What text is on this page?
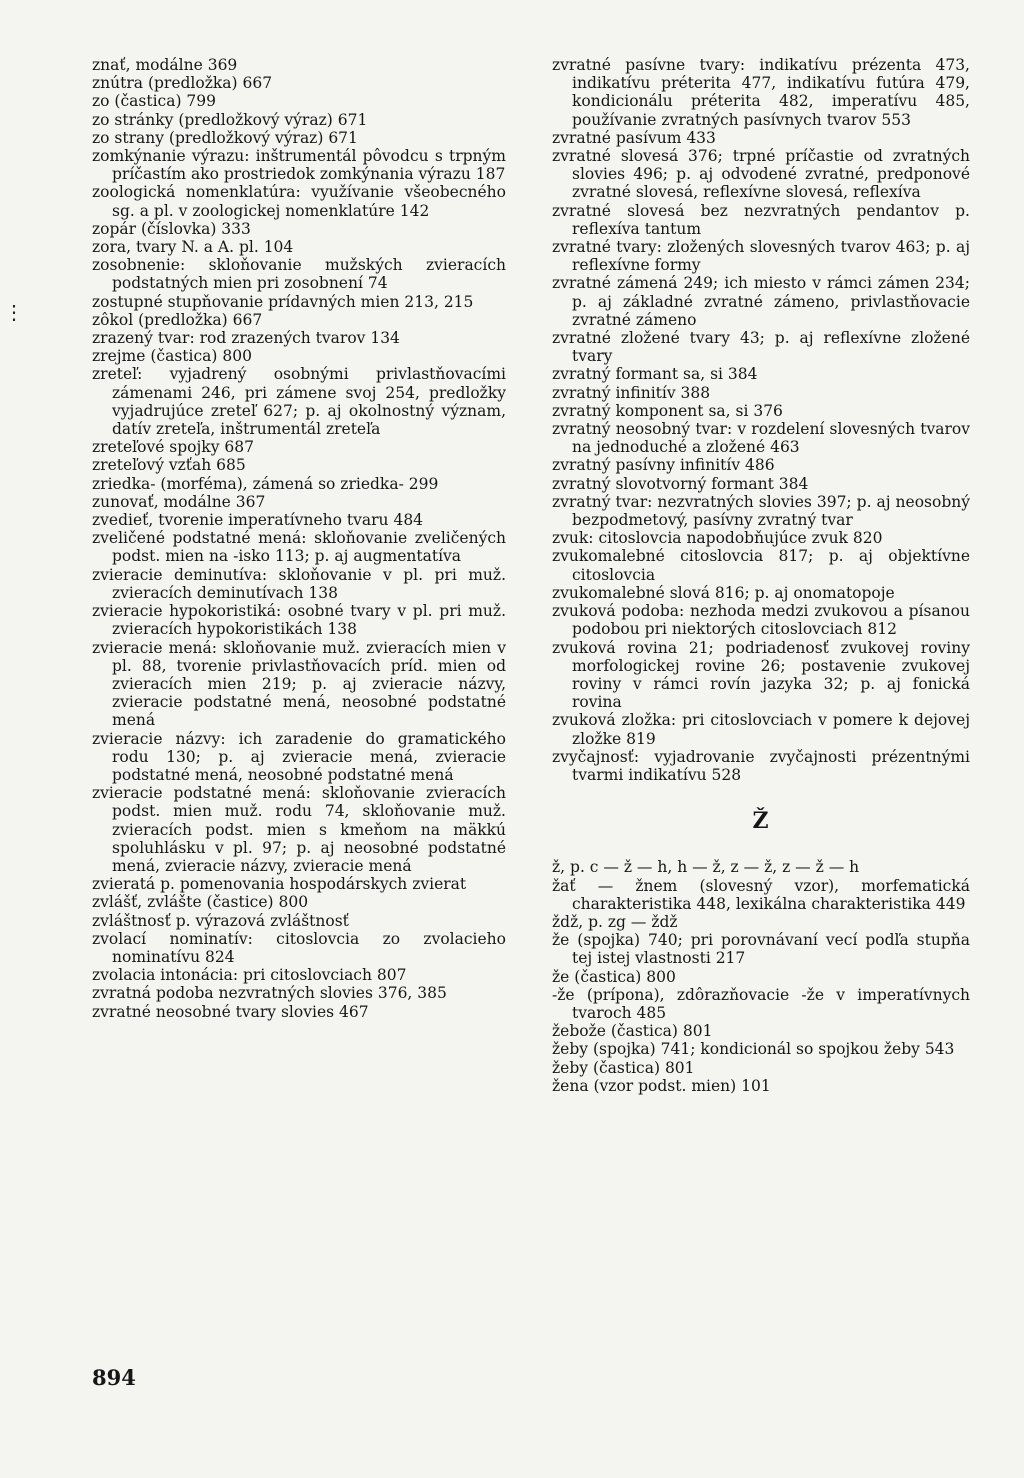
znať, modálne 369

znútra (predložka) 667

zo (častica) 799

zo stránky (predložkový výraz) 671

zo strany (predložkový výraz) 671

zomkýnanie výrazu: inštrumentál pôvodcu s trpným príčastím ako prostriedok zomkýnania výrazu 187

zoologická nomenklatúra: využívanie všeobecného sg. a pl. v zoologickej nomenklatúre 142

zopár (číslovka) 333

zora, tvary N. a A. pl. 104

zosobnenie: skloňovanie mužských zvieracích podstatných mien pri zosobnení 74

zostupné stupňovanie prídavných mien 213, 215

zôkol (predložka) 667

zrazený tvar: rod zrazených tvarov 134

zrejme (častica) 800

zreteľ: vyjadrený osobnými privlastňovacími zámenami 246, pri zámene svoj 254, predložky vyjadrujúce zreteľ 627; p. aj okolnostný význam, datív zreteľa, inštrumentál zreteľa

zreteľové spojky 687

zreteľový vzťah 685

zriedka- (morféma), zámená so zriedka- 299

zunovať, modálne 367

zvedieť, tvorenie imperatívneho tvaru 484

zveličené podstatné mená: skloňovanie zveličených podst. mien na -isko 113; p. aj augmentatíva

zvieracie deminutíva: skloňovanie v pl. pri muž. zvieracích deminutívach 138

zvieracie hypokoristiká: osobné tvary v pl. pri muž. zvieracích hypokoristikách 138

zvieracie mená: skloňovanie muž. zvieracích mien v pl. 88, tvorenie privlastňovacích príd. mien od zvieracích mien 219; p. aj zvieracie názvy, zvieracie podstatné mená, neosobné podstatné mená

zvieracie názvy: ich zaradenie do gramatického rodu 130; p. aj zvieracie mená, zvieracie podstatné mená, neosobné podstatné mená

zvieracie podstatné mená: skloňovanie zvieracích podst. mien muž. rodu 74, skloňovanie muž. zvieracích podst. mien s kmeňom na mäkkú spoluhlásku v pl. 97; p. aj neosobné podstatné mená, zvieracie názvy, zvieracie mená

zvieratá p. pomenovania hospodárskych zvierat

zvlášť, zvlášte (častice) 800

zvláštnosť p. výrazová zvláštnosť

zvolací nominatív: citoslovcia zo zvolacieho nominatívu 824

zvolacia intonácia: pri citoslovciach 807

zvratná podoba nezvratných slovies 376, 385

zvratné neosobné tvary slovies 467

zvratné pasívne tvary: indikatívu prézenta 473, indikatívu préterita 477, indikatívu futúra 479, kondicionálu préterita 482, imperatívu 485, používanie zvratných pasívnych tvarov 553

zvratné pasívum 433

zvratné slovesá 376; trpné príčastie od zvratných slovies 496; p. aj odvodené zvratné, predponové zvratné slovesá, reflexívne slovesá, reflexíva

zvratné slovesá bez nezvratných pendantov p. reflexíva tantum

zvratné tvary: zložených slovesných tvarov 463; p. aj reflexívne formy

zvratné zámená 249; ich miesto v rámci zámen 234; p. aj základné zvratné zámeno, privlastňovacie zvratné zámeno

zvratné zložené tvary 43; p. aj reflexívne zložené tvary

zvratný formant sa, si 384

zvratný infinitív 388

zvratný komponent sa, si 376

zvratný neosobný tvar: v rozdelení slovesných tvarov na jednoduché a zložené 463

zvratný pasívny infinitív 486

zvratný slovotvorný formant 384

zvratný tvar: nezvratných slovies 397; p. aj neosobný bezpodmetový, pasívny zvratný tvar

zvuk: citoslovcia napodobňujúce zvuk 820

zvukomalebné citoslovcia 817; p. aj objektívne citoslovcia

zvukomalebné slová 816; p. aj onomatopoje

zvuková podoba: nezhoda medzi zvukovou a písanou podobou pri niektorých citoslovciach 812

zvuková rovina 21; podriadenosť zvukovej roviny morfologickej rovine 26; postavenie zvukovej roviny v rámci rovín jazyka 32; p. aj fonická rovina

zvuková zložka: pri citoslovciach v pomere k dejovej zložke 819

zvyčajnosť: vyjadrovanie zvyčajnosti prézentnými tvarmi indikatívu 528

Ž

ž, p. c — ž — h, h — ž, z — ž, z — ž — h

žať — žnem (slovesný vzor), morfematická charakteristika 448, lexikálna charakteristika 449

ždž, p. zg — ždž

že (spojka) 740; pri porovnávaní vecí podľa stupňa tej istej vlastnosti 217

že (častica) 800

-že (prípona), zdôrazňovacie -že v imperatívnych tvaroch 485

žebože (častica) 801

žeby (spojka) 741; kondicionál so spojkou žeby 543

žeby (častica) 801

žena (vzor podst. mien) 101

894
⋮
